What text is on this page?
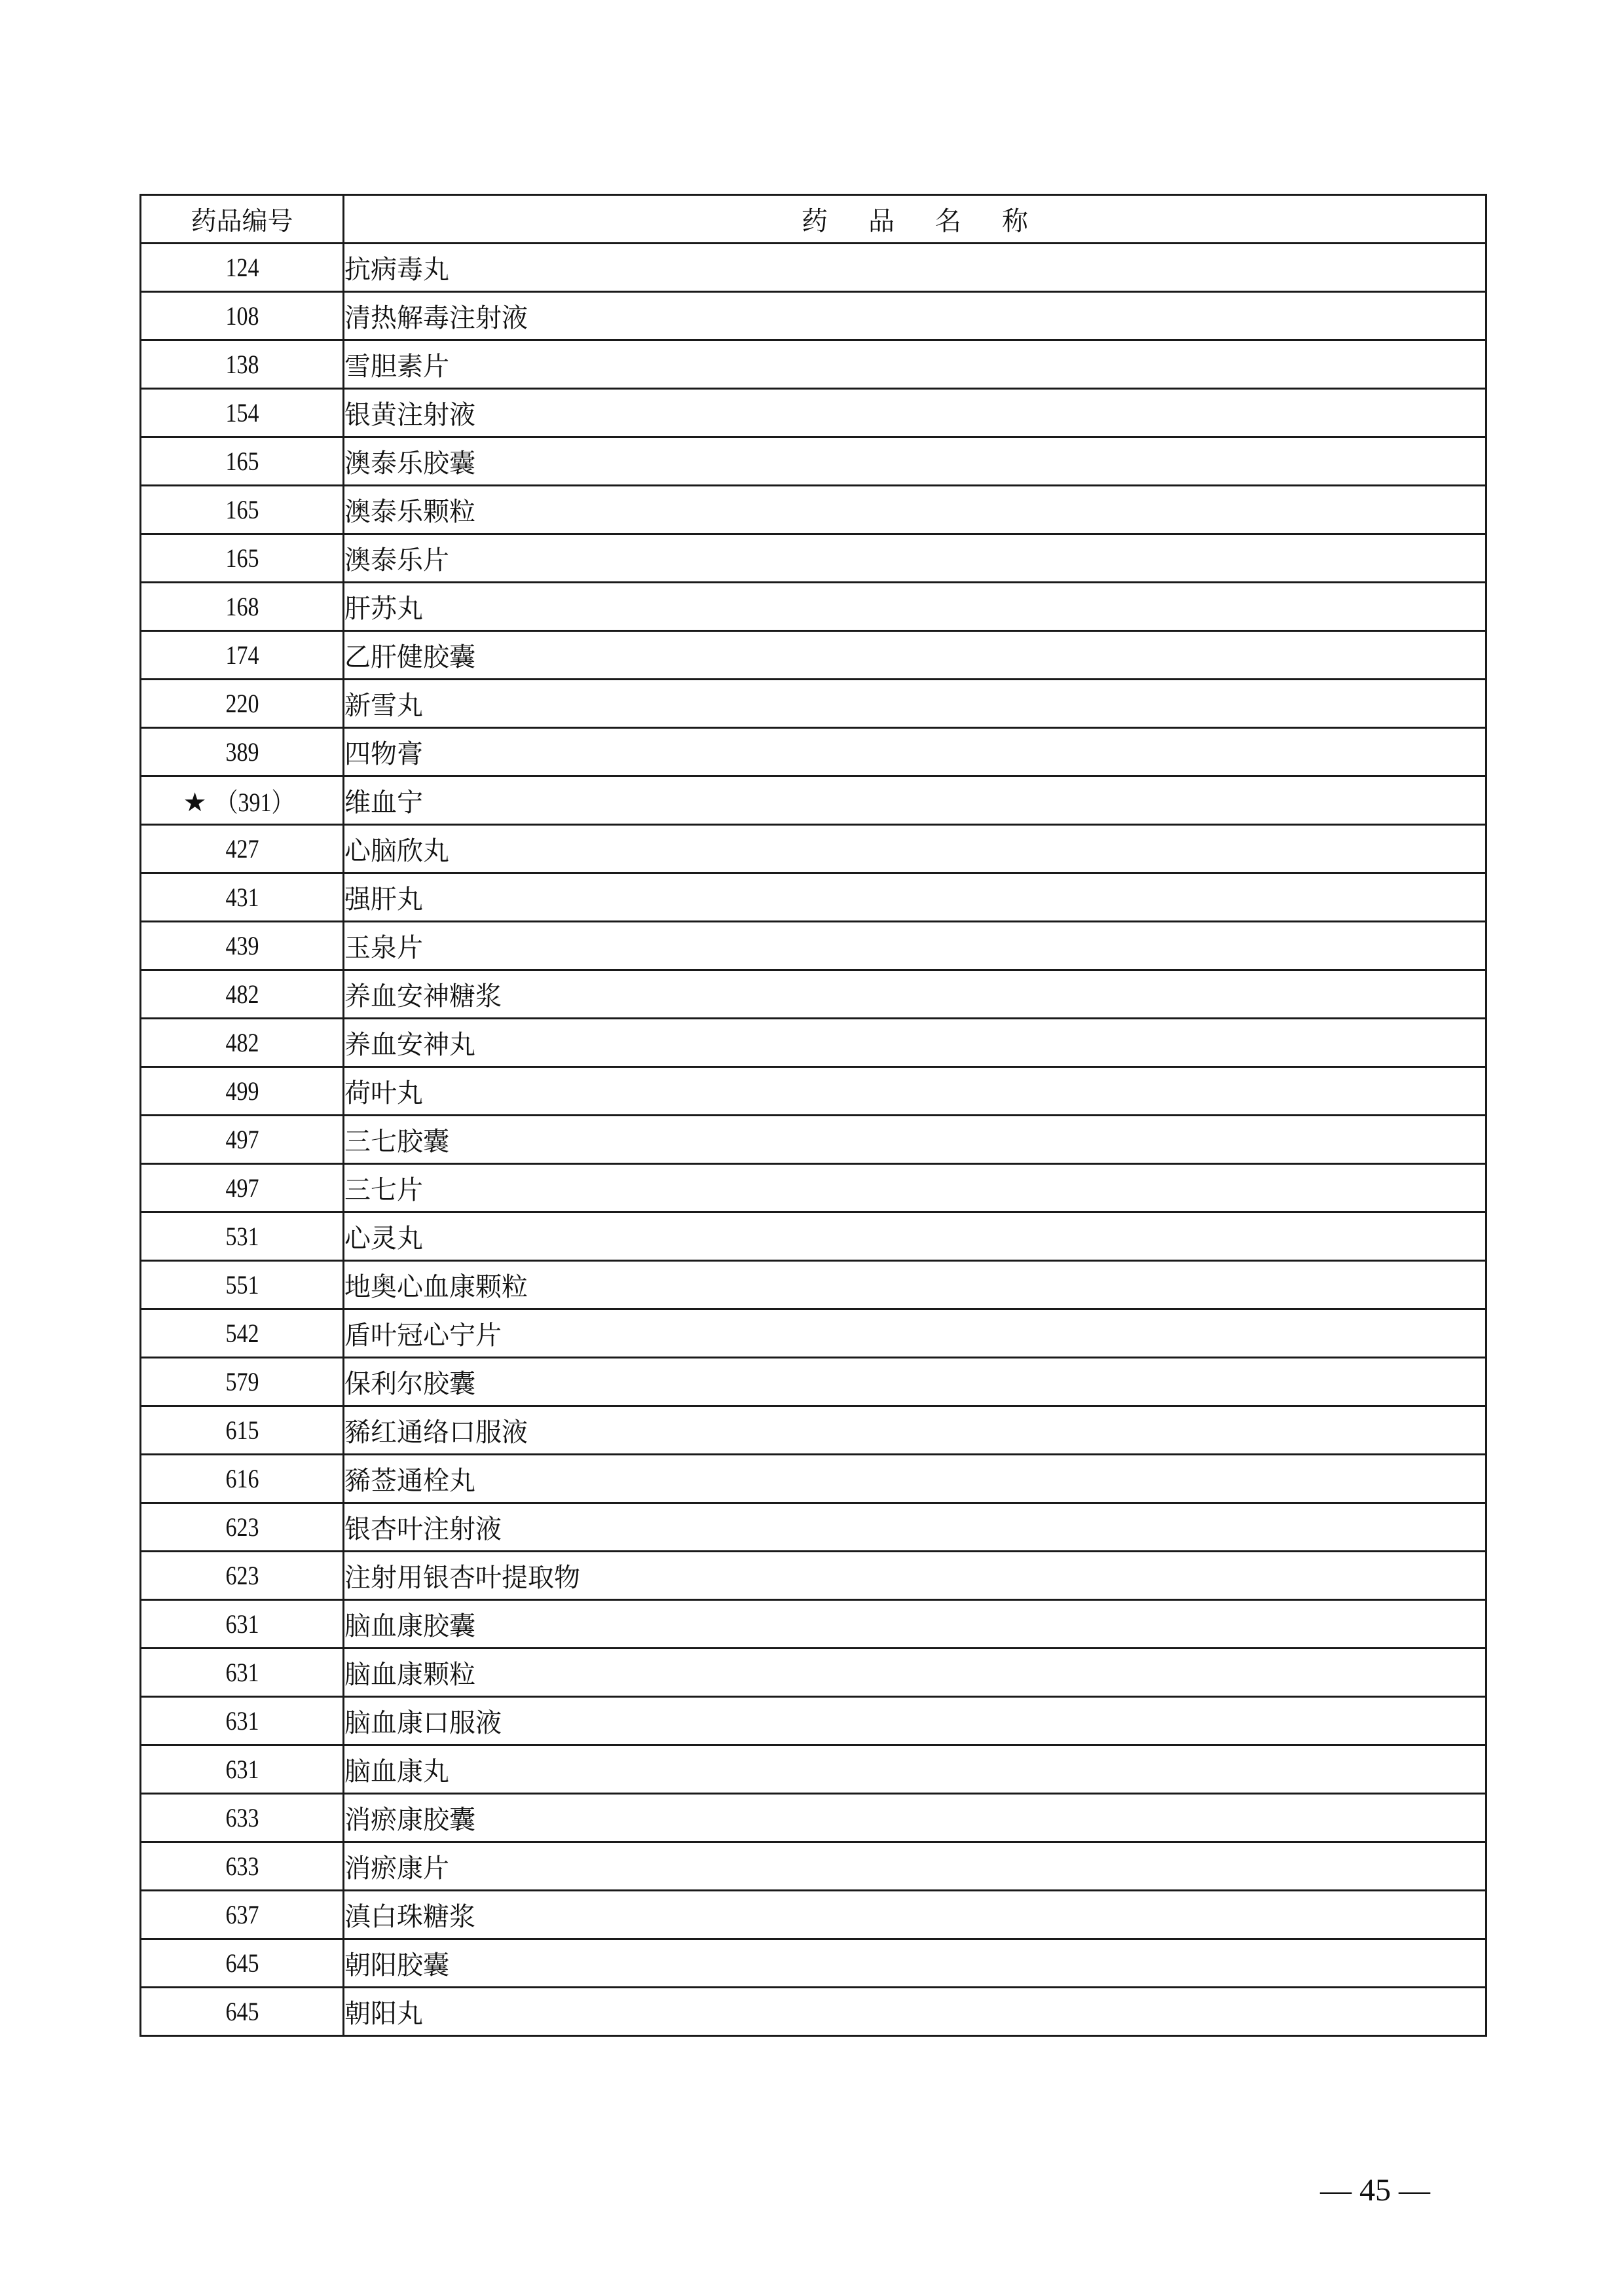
药品编号	药品名称
124	抗病毒丸
108	清热解毒注射液
138	雪胆素片
154	银黄注射液
165	澳泰乐胶囊
165	澳泰乐颗粒
165	澳泰乐片
168	肝苏丸
174	乙肝健胶囊
220	新雪丸
389	四物膏
★ （391）	维血宁
427	心脑欣丸
431	强肝丸
439	玉泉片
482	养血安神糖浆
482	养血安神丸
499	荷叶丸
497	三七胶囊
497	三七片
531	心灵丸
551	地奥心血康颗粒
542	盾叶冠心宁片
579	保利尔胶囊
615	豨红通络口服液
616	豨莶通栓丸
623	银杏叶注射液
623	注射用银杏叶提取物
631	脑血康胶囊
631	脑血康颗粒
631	脑血康口服液
631	脑血康丸
633	消瘀康胶囊
633	消瘀康片
637	滇白珠糖浆
645	朝阳胶囊
645	朝阳丸
— 45 —
